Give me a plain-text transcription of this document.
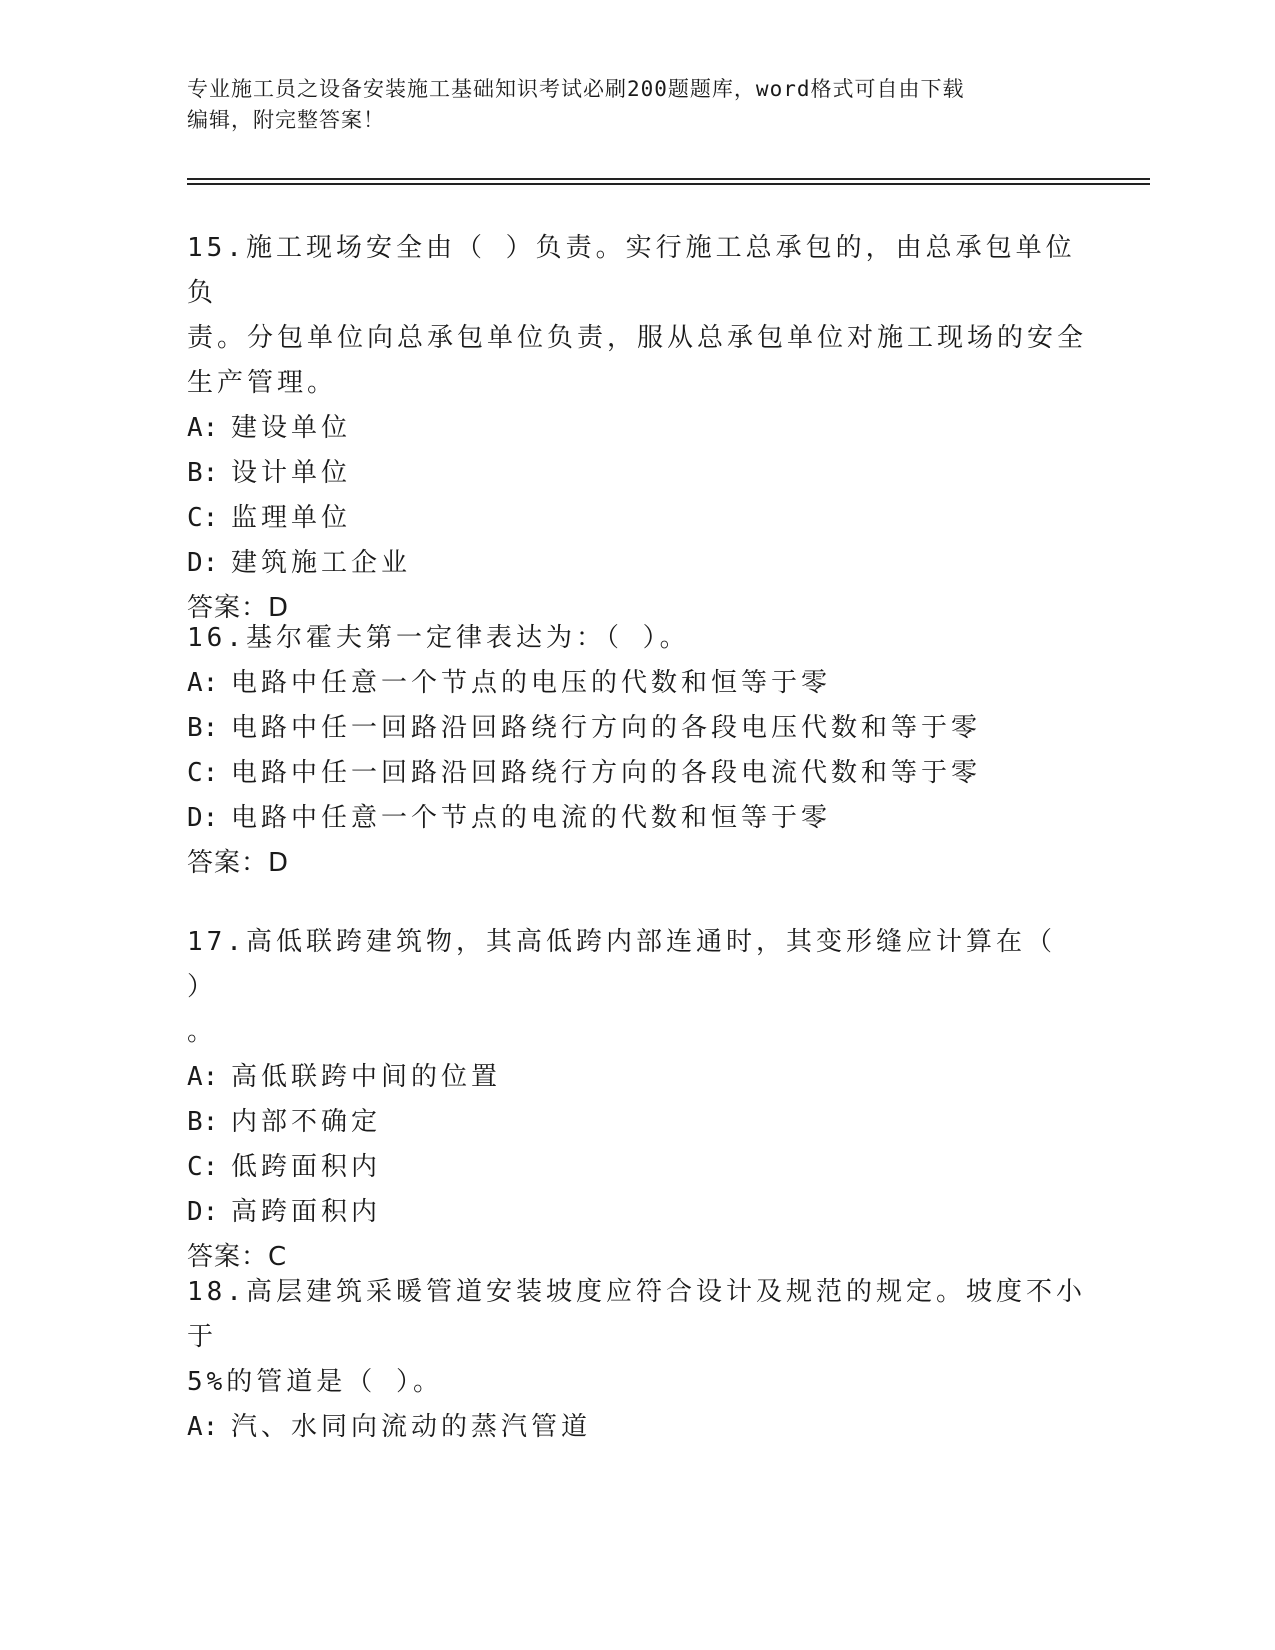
专业施工员之设备安装施工基础知识考试必刷200题题库，word格式可自由下载
编辑，附完整答案！
15.施工现场安全由（ ）负责。实行施工总承包的，由总承包单位负
责。分包单位向总承包单位负责，服从总承包单位对施工现场的安全
生产管理。
A: 建设单位
B: 设计单位
C: 监理单位
D: 建筑施工企业
答案：D
16.基尔霍夫第一定律表达为：（ ）。
A: 电路中任意一个节点的电压的代数和恒等于零
B: 电路中任一回路沿回路绕行方向的各段电压代数和等于零
C: 电路中任一回路沿回路绕行方向的各段电流代数和等于零
D: 电路中任意一个节点的电流的代数和恒等于零
答案：D
17.高低联跨建筑物，其高低跨内部连通时，其变形缝应计算在（ ）
。
A: 高低联跨中间的位置
B: 内部不确定
C: 低跨面积内
D: 高跨面积内
答案：C
18.高层建筑采暖管道安装坡度应符合设计及规范的规定。坡度不小于
5%的管道是（ ）。
A: 汽、水同向流动的蒸汽管道
